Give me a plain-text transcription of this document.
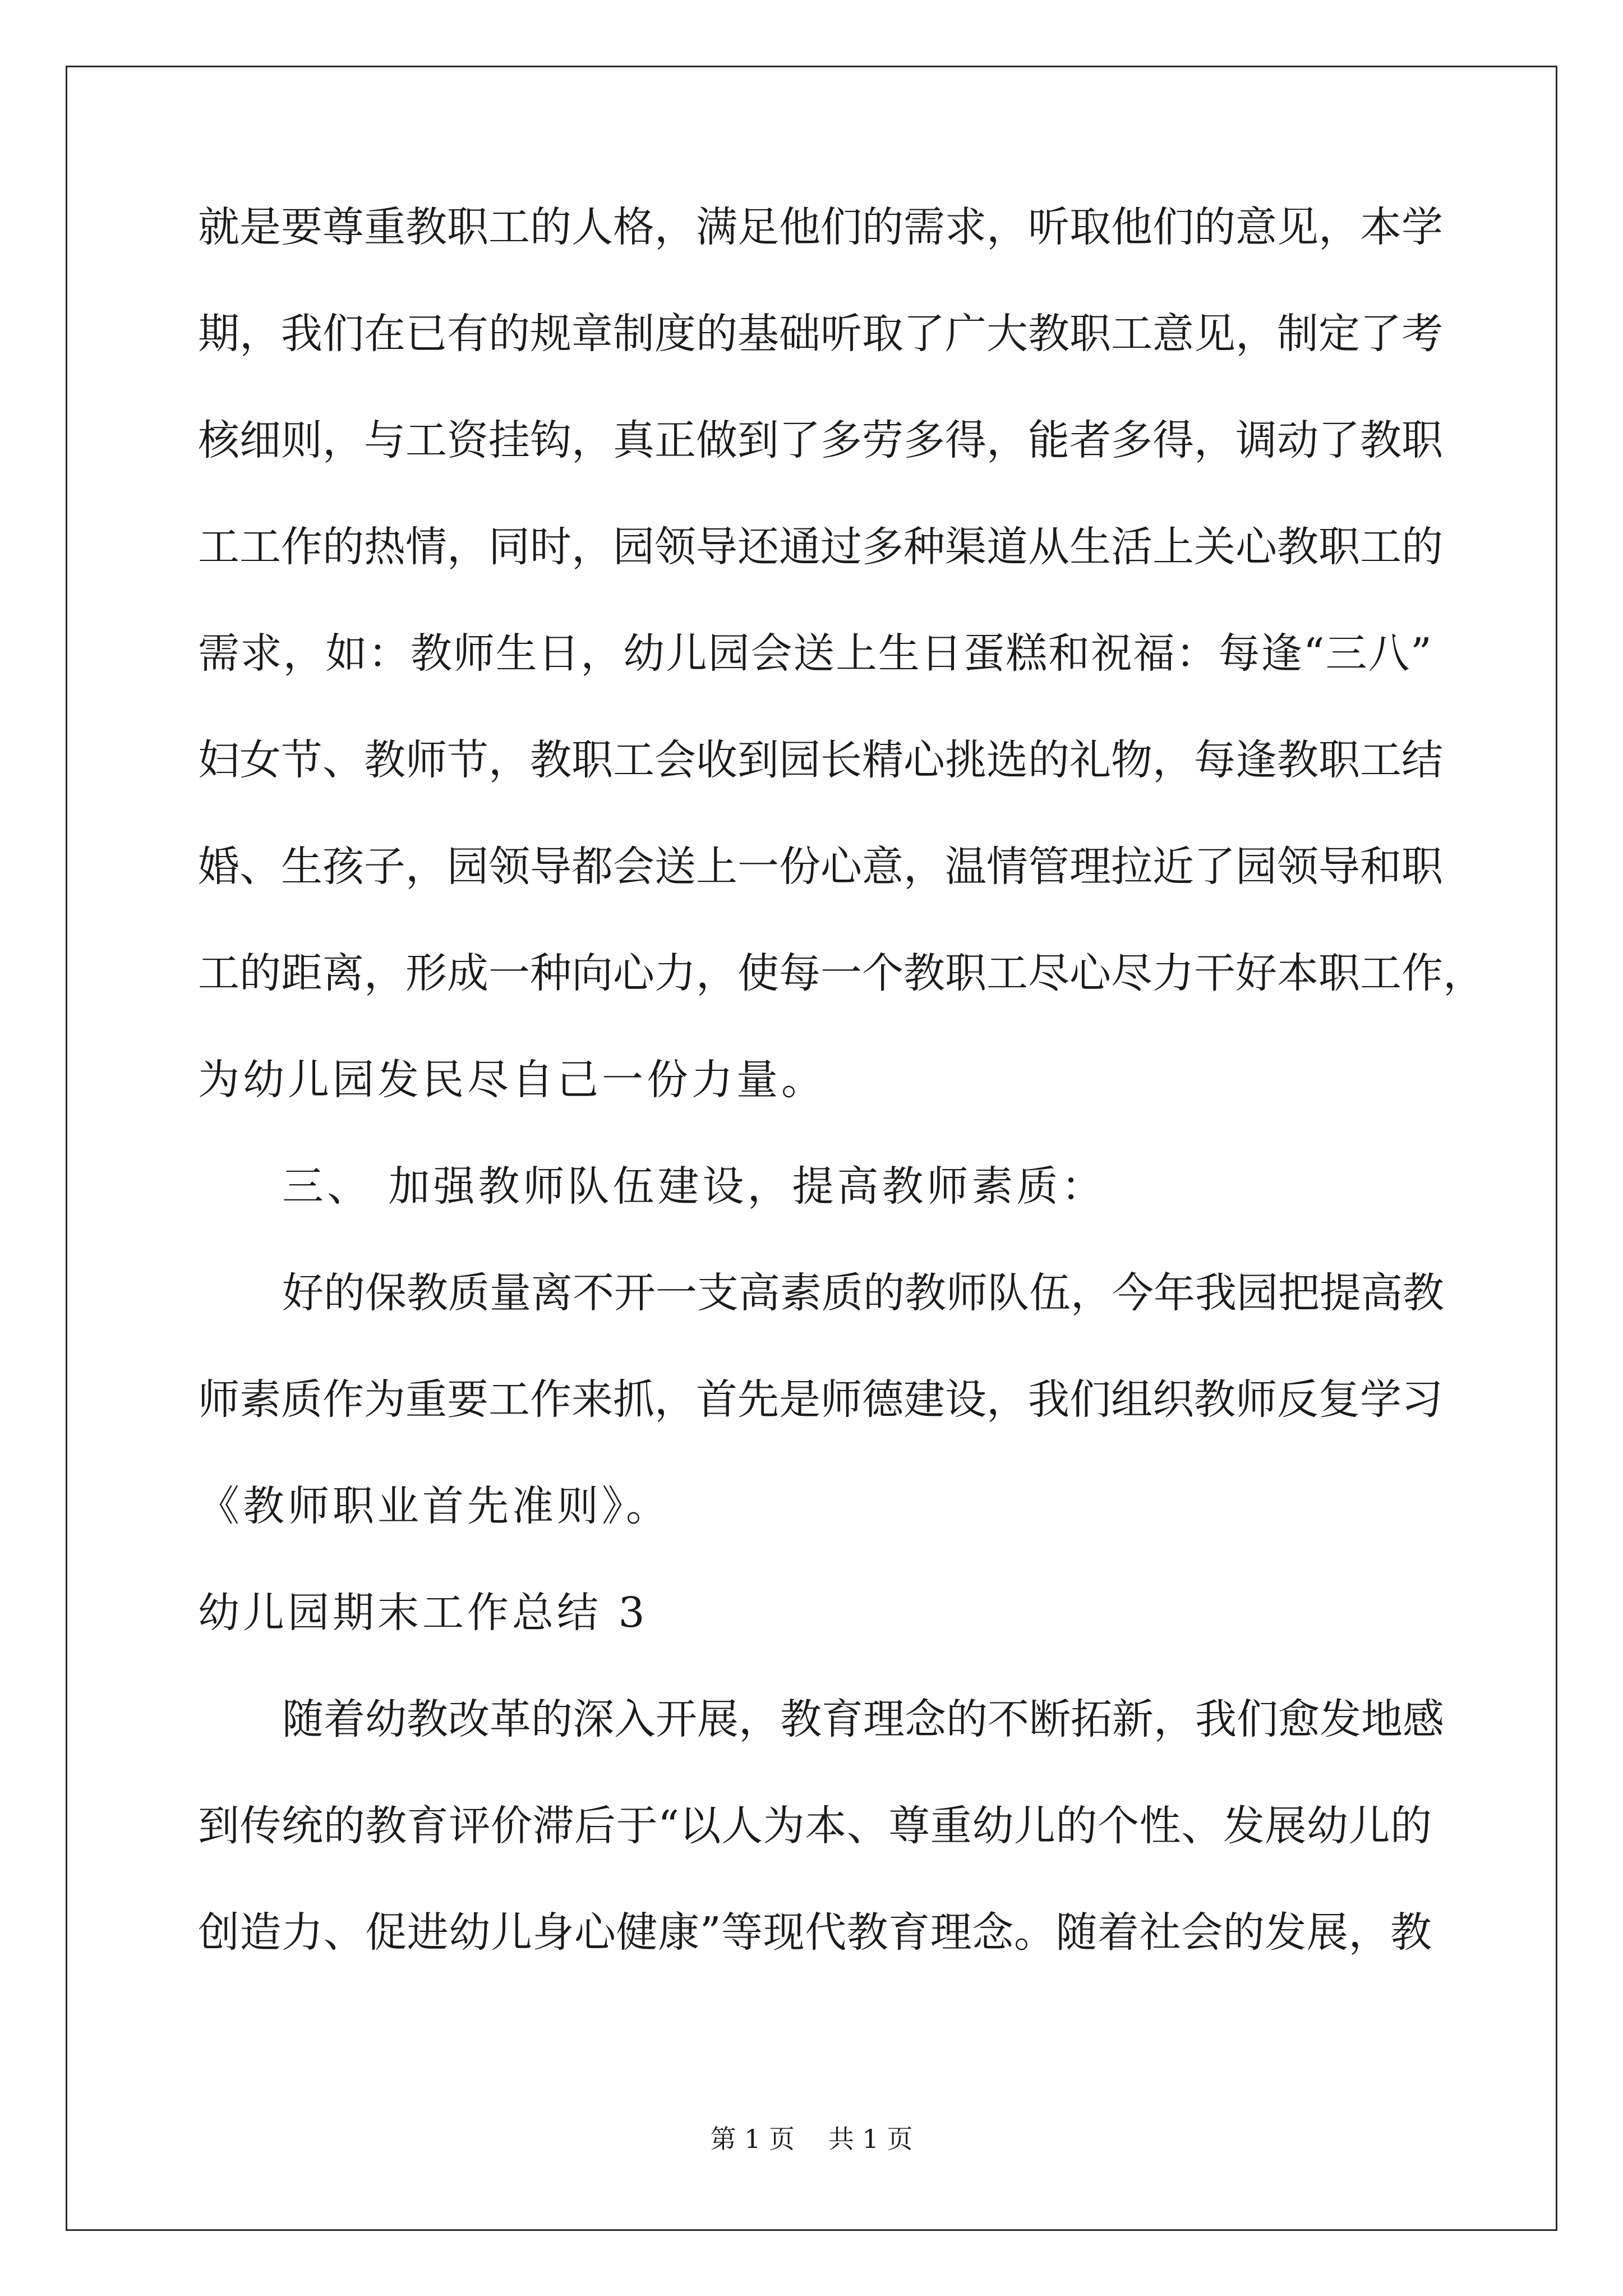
就是要尊重教职工的人格，满足他们的需求，听取他们的意见，本学
期，我们在已有的规章制度的基础听取了广大教职工意见，制定了考
核细则，与工资挂钩，真正做到了多劳多得，能者多得，调动了教职
工工作的热情，同时，园领导还通过多种渠道从生活上关心教职工的
需求，如：教师生日，幼儿园会送上生日蛋糕和祝福：每逢“三八”
妇女节、教师节，教职工会收到园长精心挑选的礼物，每逢教职工结
婚、生孩子，园领导都会送上一份心意，温情管理拉近了园领导和职
工的距离，形成一种向心力，使每一个教职工尽心尽力干好本职工作，
为幼儿园发民尽自己一份力量。
三、 加强教师队伍建设，提高教师素质：
好的保教质量离不开一支高素质的教师队伍，今年我园把提高教
师素质作为重要工作来抓，首先是师德建设，我们组织教师反复学习
《教师职业首先准则》。
幼儿园期末工作总结 3
随着幼教改革的深入开展，教育理念的不断拓新，我们愈发地感
到传统的教育评价滞后于“以人为本、尊重幼儿的个性、发展幼儿的
创造力、促进幼儿身心健康”等现代教育理念。随着社会的发展，教
第 1 页 共 1 页
